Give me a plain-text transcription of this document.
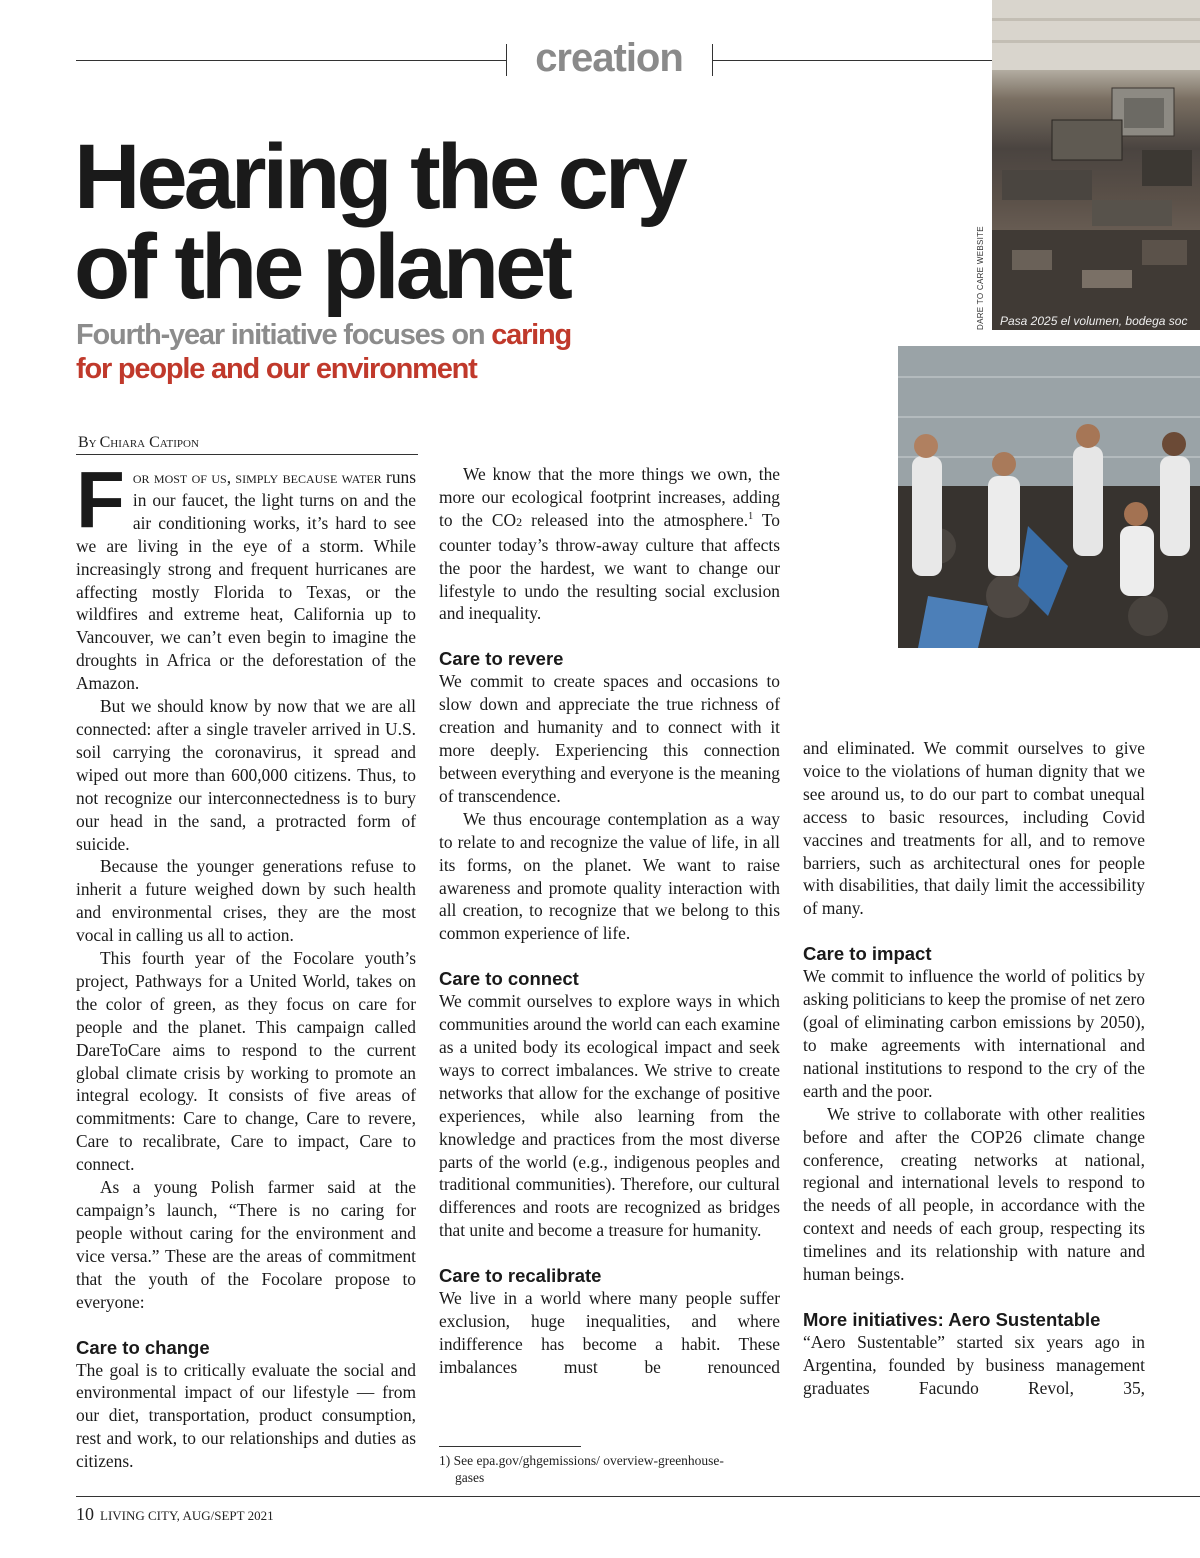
creation
Pasa 2025 el volumen, bodega soc
DARE TO CARE WEBSITE
Hearing the cry
of the planet
Fourth-year initiative focuses on caring
for people and our environment
By Chiara Catipon

For most of us, simply because water runs in our faucet, the light turns on and the air conditioning works, it’s hard to see we are living in the eye of a storm. While increasingly strong and frequent hurricanes are affecting mostly Florida to Texas, or the wildfires and extreme heat, California up to Vancouver, we can’t even begin to imagine the droughts in Africa or the deforestation of the Amazon.

But we should know by now that we are all connected: after a single traveler arrived in U.S. soil carrying the coronavirus, it spread and wiped out more than 600,000 citizens. Thus, to not recognize our interconnectedness is to bury our head in the sand, a protracted form of suicide.

Because the younger generations refuse to inherit a future weighed down by such health and environmental crises, they are the most vocal in calling us all to action.

This fourth year of the Focolare youth’s project, Pathways for a United World, takes on the color of green, as they focus on care for people and the planet. This campaign called DareToCare aims to respond to the current global climate crisis by working to promote an integral ecology. It consists of five areas of commitments: Care to change, Care to revere, Care to recalibrate, Care to impact, Care to connect.

As a young Polish farmer said at the campaign’s launch, “There is no caring for people without caring for the environment and vice versa.” These are the areas of commitment that the youth of the Focolare propose to everyone:

Care to change

The goal is to critically evaluate the social and environmental impact of our lifestyle — from our diet, transportation, product consumption, rest and work, to our relationships and duties as citizens.

We know that the more things we own, the more our ecological footprint increases, adding to the CO2 released into the atmosphere.$^1$ To counter today’s throw-away culture that affects the poor the hardest, we want to change our lifestyle to undo the resulting social exclusion and inequality.

Care to revere

We commit to create spaces and occasions to slow down and appreciate the true richness of creation and humanity and to connect with it more deeply. Experiencing this connection between everything and everyone is the meaning of transcendence.

We thus encourage contemplation as a way to relate to and recognize the value of life, in all its forms, on the planet. We want to raise awareness and promote quality interaction with all creation, to recognize that we belong to this common experience of life.

Care to connect

We commit ourselves to explore ways in which communities around the world can each examine as a united body its ecological impact and seek ways to correct imbalances. We strive to create networks that allow for the exchange of positive experiences, while also learning from the knowledge and practices from the most diverse parts of the world (e.g., indigenous peoples and traditional communities). Therefore, our cultural differences and roots are recognized as bridges that unite and become a treasure for humanity.

Care to recalibrate

We live in a world where many people suffer exclusion, huge inequalities, and where indifference has become a habit. These imbalances must be renounced

and eliminated. We commit ourselves to give voice to the violations of human dignity that we see around us, to do our part to combat unequal access to basic resources, including Covid vaccines and treatments for all, and to remove barriers, such as architectural ones for people with disabilities, that daily limit the accessibility of many.

Care to impact

We commit to influence the world of politics by asking politicians to keep the promise of net zero (goal of eliminating carbon emissions by 2050), to make agreements with international and national institutions to respond to the cry of the earth and the poor.

We strive to collaborate with other realities before and after the COP26 climate change conference, creating networks at national, regional and international levels to respond to the needs of all people, in accordance with the context and needs of each group, respecting its timelines and its relationship with nature and human beings.

More initiatives: Aero Sustentable

“Aero Sustentable” started six years ago in Argentina, founded by business management graduates Facundo Revol, 35,

1) See epa.gov/ghgemissions/ overview-greenhouse-gases
10 LIVING CITY, AUG/SEPT 2021
